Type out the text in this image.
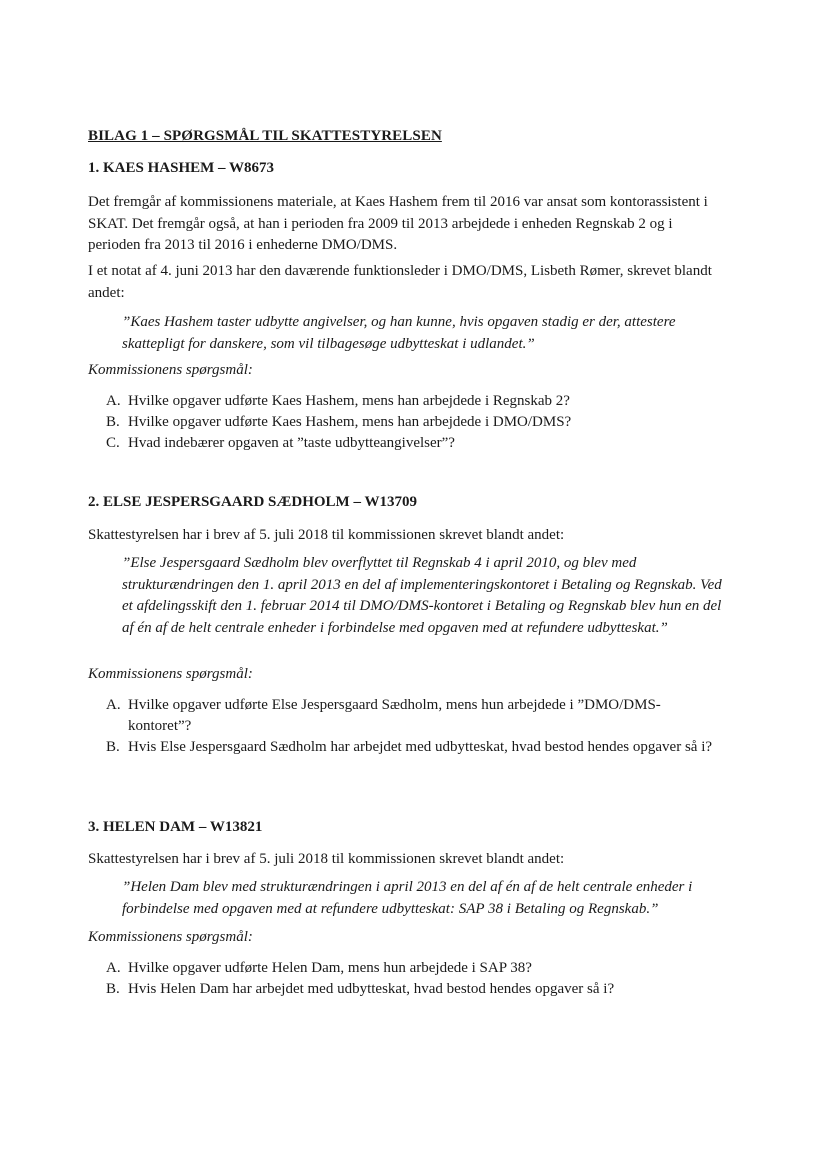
BILAG 1 – SPØRGSMÅL TIL SKATTESTYRELSEN
1. KAES HASHEM – W8673

Det fremgår af kommissionens materiale, at Kaes Hashem frem til 2016 var ansat som kontorassistent i SKAT. Det fremgår også, at han i perioden fra 2009 til 2013 arbejdede i enheden Regnskab 2 og i perioden fra 2013 til 2016 i enhederne DMO/DMS.

I et notat af 4. juni 2013 har den daværende funktionsleder i DMO/DMS, Lisbeth Rømer, skrevet blandt andet:

”Kaes Hashem taster udbytte angivelser, og han kunne, hvis opgaven stadig er der, attestere skattepligt for danskere, som vil tilbagesøge udbytteskat i udlandet.”

Kommissionens spørgsmål:

A. Hvilke opgaver udførte Kaes Hashem, mens han arbejdede i Regnskab 2?
B. Hvilke opgaver udførte Kaes Hashem, mens han arbejdede i DMO/DMS?
C. Hvad indebærer opgaven at ”taste udbytteangivelser”?
2. ELSE JESPERSGAARD SÆDHOLM – W13709

Skattestyrelsen har i brev af 5. juli 2018 til kommissionen skrevet blandt andet:

”Else Jespersgaard Sædholm blev overflyttet til Regnskab 4 i april 2010, og blev med strukturændringen den 1. april 2013 en del af implementeringskontoret i Betaling og Regnskab. Ved et afdelingsskift den 1. februar 2014 til DMO/DMS-kontoret i Betaling og Regnskab blev hun en del af én af de helt centrale enheder i forbindelse med opgaven med at refundere udbytteskat.”

Kommissionens spørgsmål:

A. Hvilke opgaver udførte Else Jespersgaard Sædholm, mens hun arbejdede i ”DMO/DMS-kontoret”?
B. Hvis Else Jespersgaard Sædholm har arbejdet med udbytteskat, hvad bestod hendes opgaver så i?
3. HELEN DAM – W13821

Skattestyrelsen har i brev af 5. juli 2018 til kommissionen skrevet blandt andet:

”Helen Dam blev med strukturændringen i april 2013 en del af én af de helt centrale enheder i forbindelse med opgaven med at refundere udbytteskat: SAP 38 i Betaling og Regnskab.”

Kommissionens spørgsmål:

A. Hvilke opgaver udførte Helen Dam, mens hun arbejdede i SAP 38?
B. Hvis Helen Dam har arbejdet med udbytteskat, hvad bestod hendes opgaver så i?
